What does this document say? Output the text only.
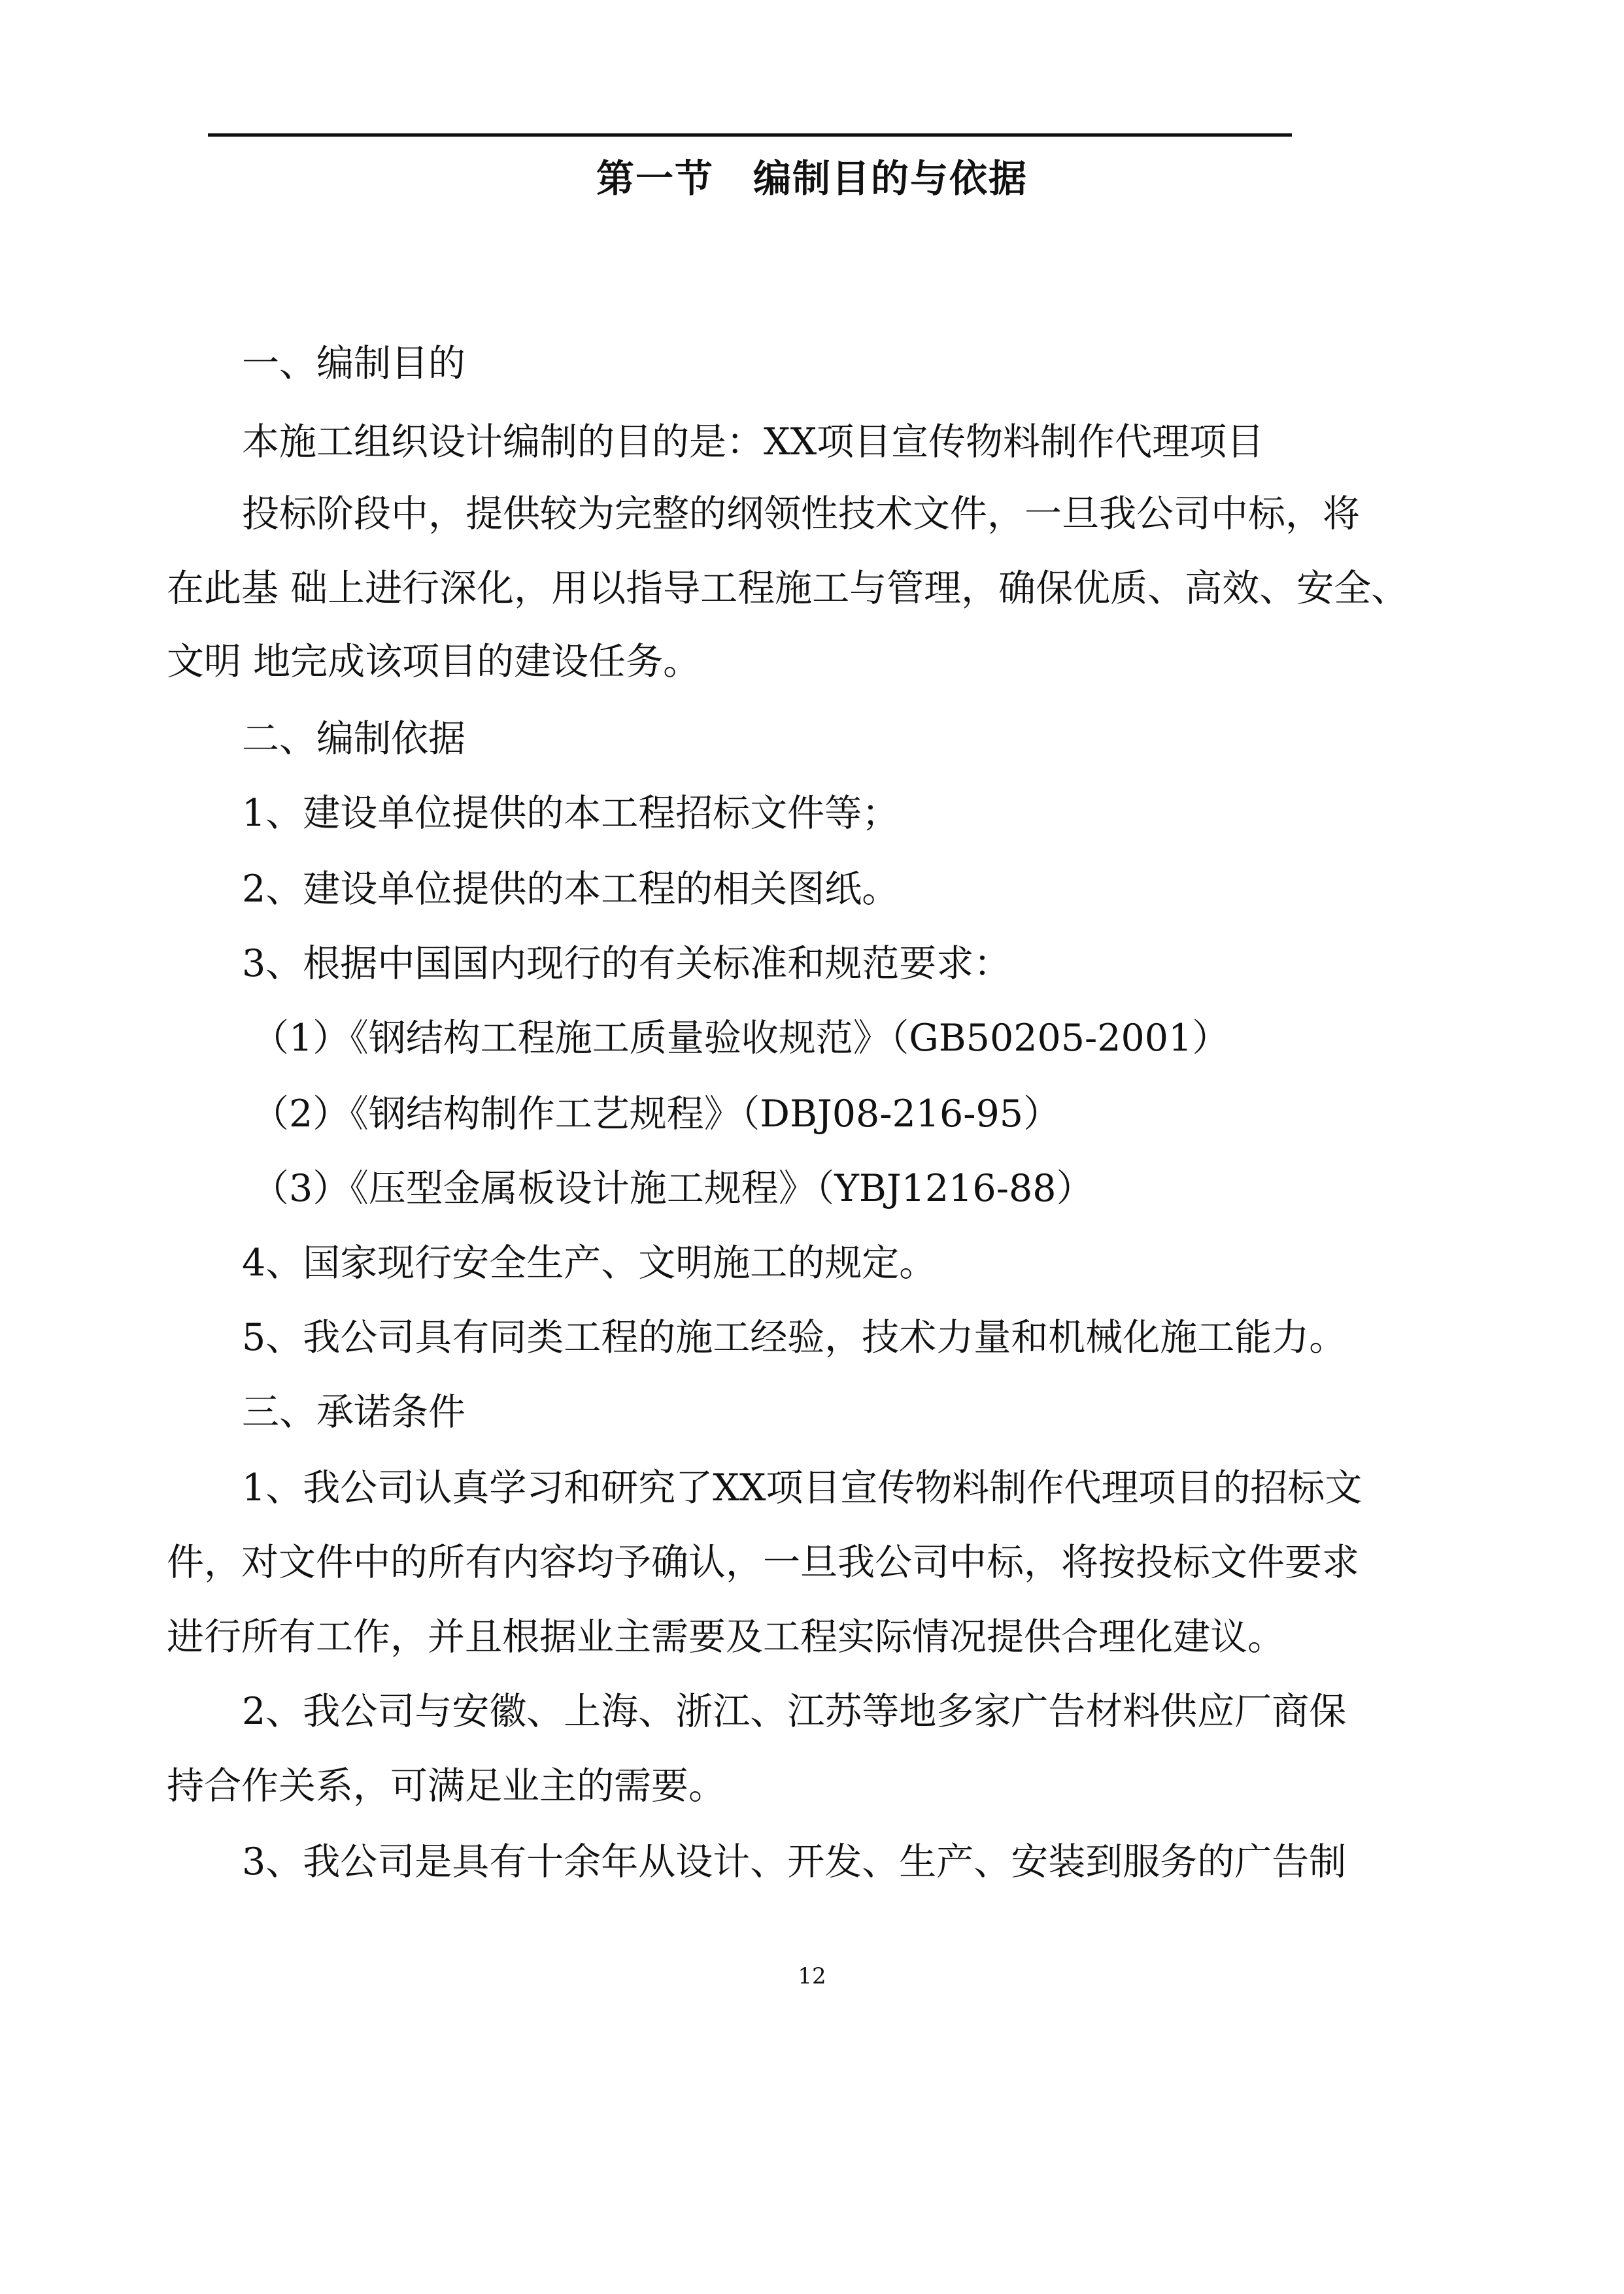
第一节　编制目的与依据
一、编制目的
本施工组织设计编制的目的是：XX项目宣传物料制作代理项目
投标阶段中，提供较为完整的纲领性技术文件，一旦我公司中标，将
在此基 础上进行深化，用以指导工程施工与管理，确保优质、高效、安全、
文明 地完成该项目的建设任务。
二、编制依据
1、建设单位提供的本工程招标文件等；
2、建设单位提供的本工程的相关图纸。
3、根据中国国内现行的有关标准和规范要求：
（1）《钢结构工程施工质量验收规范》（GB50205-2001）
（2）《钢结构制作工艺规程》（DBJ08-216-95）
（3）《压型金属板设计施工规程》（YBJ1216-88）
4、国家现行安全生产、文明施工的规定。
5、我公司具有同类工程的施工经验，技术力量和机械化施工能力。
三、承诺条件
1、我公司认真学习和研究了XX项目宣传物料制作代理项目的招标文
件，对文件中的所有内容均予确认，一旦我公司中标，将按投标文件要求
进行所有工作，并且根据业主需要及工程实际情况提供合理化建议。
2、我公司与安徽、上海、浙江、江苏等地多家广告材料供应厂商保
持合作关系，可满足业主的需要。
3、我公司是具有十余年从设计、开发、生产、安装到服务的广告制
12
